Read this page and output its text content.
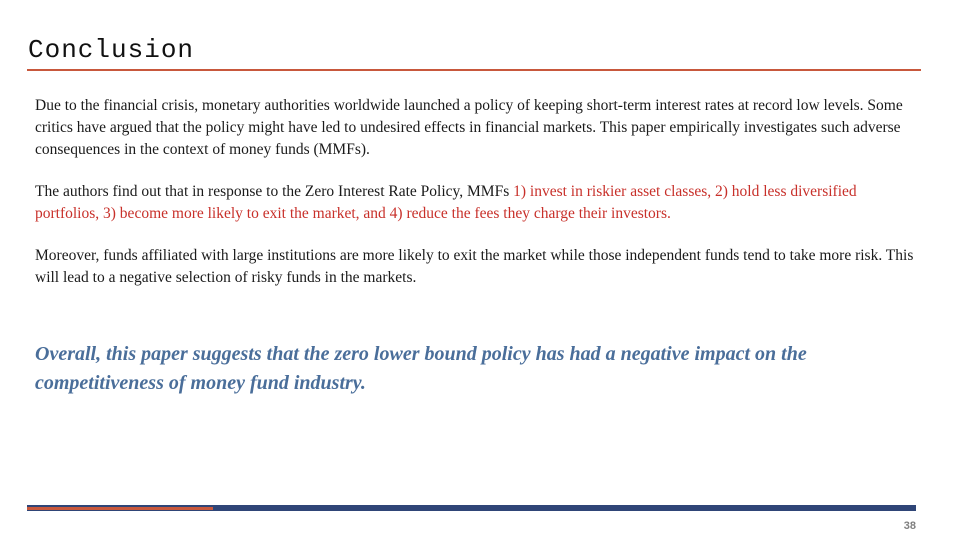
Conclusion

Due to the financial crisis, monetary authorities worldwide launched a policy of keeping short-term interest rates at record low levels. Some critics have argued that the policy might have led to undesired effects in financial markets. This paper empirically investigates such adverse consequences in the context of money funds (MMFs).

The authors find out that in response to the Zero Interest Rate Policy, MMFs 1) invest in riskier asset classes, 2) hold less diversified portfolios, 3) become more likely to exit the market, and 4) reduce the fees they charge their investors.

Moreover, funds affiliated with large institutions are more likely to exit the market while those independent funds tend to take more risk. This will lead to a negative selection of risky funds in the markets.

Overall, this paper suggests that the zero lower bound policy has had a negative impact on the competitiveness of money fund industry.

38
